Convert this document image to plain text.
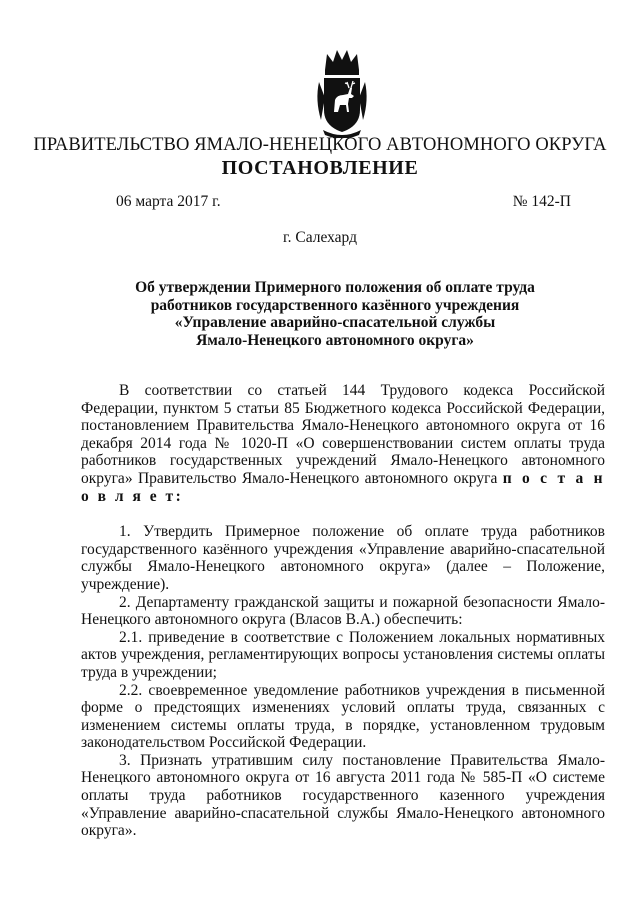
ПРАВИТЕЛЬСТВО ЯМАЛО-НЕНЕЦКОГО АВТОНОМНОГО ОКРУГА
ПОСТАНОВЛЕНИЕ
06 марта 2017 г.	№ 142-П
г. Салехард
Об утверждении Примерного положения об оплате труда
работников государственного казённого учреждения
«Управление аварийно-спасательной службы
Ямало-Ненецкого автономного округа»

В соответствии со статьей 144 Трудового кодекса Российской Федерации, пунктом 5 статьи 85 Бюджетного кодекса Российской Федерации, постановлением Правительства Ямало-Ненецкого автономного округа от 16 декабря 2014 года № 1020-П «О совершенствовании систем оплаты труда работников государственных учреждений Ямало-Ненецкого автономного округа» Правительство Ямало-Ненецкого автономного округа п о с т а н о в л я е т:

1. Утвердить Примерное положение об оплате труда работников государственного казённого учреждения «Управление аварийно-спасательной службы Ямало-Ненецкого автономного округа» (далее – Положение, учреждение).

2. Департаменту гражданской защиты и пожарной безопасности Ямало-Ненецкого автономного округа (Власов В.А.) обеспечить:

2.1. приведение в соответствие с Положением локальных нормативных актов учреждения, регламентирующих вопросы установления системы оплаты труда в учреждении;

2.2. своевременное уведомление работников учреждения в письменной форме о предстоящих изменениях условий оплаты труда, связанных с изменением системы оплаты труда, в порядке, установленном трудовым законодательством Российской Федерации.

3. Признать утратившим силу постановление Правительства Ямало-Ненецкого автономного округа от 16 августа 2011 года № 585-П «О системе оплаты труда работников государственного казенного учреждения «Управление аварийно-спасательной службы Ямало-Ненецкого автономного округа».
